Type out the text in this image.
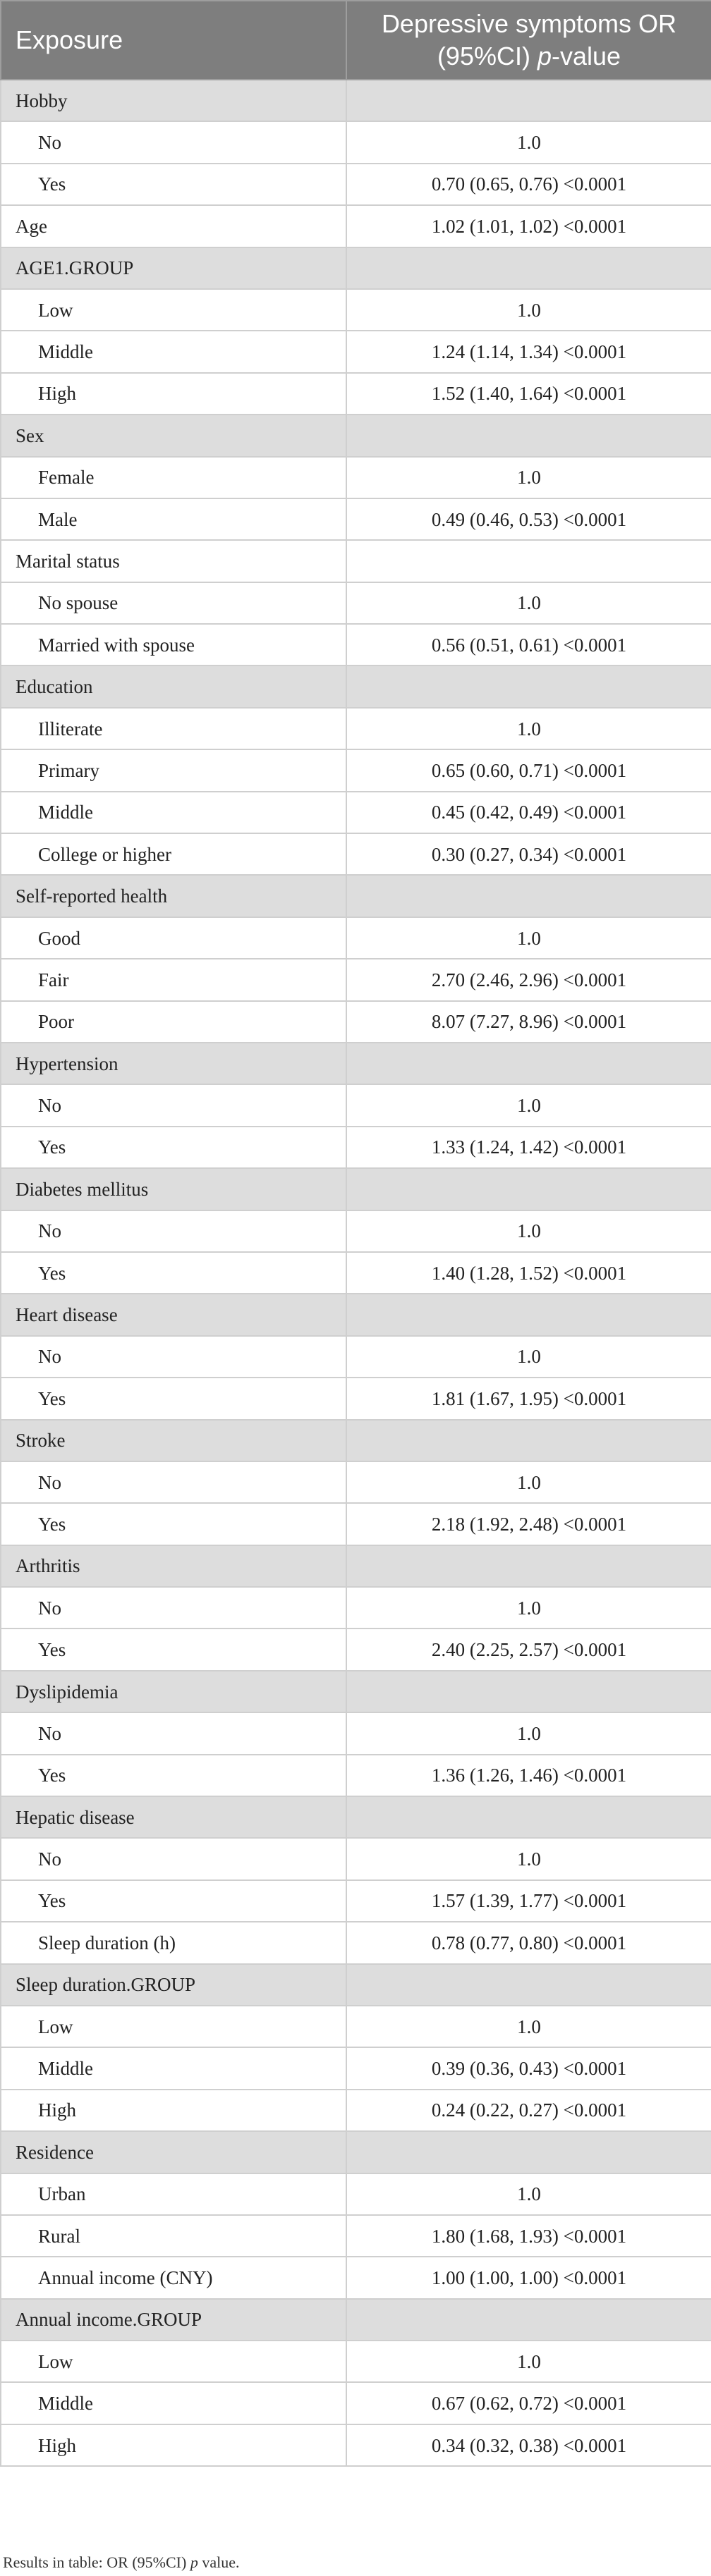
Exposure	Depressive symptoms OR (95%CI) p-value
Hobby	
No	1.0
Yes	0.70 (0.65, 0.76) <0.0001
Age	1.02 (1.01, 1.02) <0.0001
AGE1.GROUP	
Low	1.0
Middle	1.24 (1.14, 1.34) <0.0001
High	1.52 (1.40, 1.64) <0.0001
Sex	
Female	1.0
Male	0.49 (0.46, 0.53) <0.0001
Marital status	
No spouse	1.0
Married with spouse	0.56 (0.51, 0.61) <0.0001
Education	
Illiterate	1.0
Primary	0.65 (0.60, 0.71) <0.0001
Middle	0.45 (0.42, 0.49) <0.0001
College or higher	0.30 (0.27, 0.34) <0.0001
Self-reported health	
Good	1.0
Fair	2.70 (2.46, 2.96) <0.0001
Poor	8.07 (7.27, 8.96) <0.0001
Hypertension	
No	1.0
Yes	1.33 (1.24, 1.42) <0.0001
Diabetes mellitus	
No	1.0
Yes	1.40 (1.28, 1.52) <0.0001
Heart disease	
No	1.0
Yes	1.81 (1.67, 1.95) <0.0001
Stroke	
No	1.0
Yes	2.18 (1.92, 2.48) <0.0001
Arthritis	
No	1.0
Yes	2.40 (2.25, 2.57) <0.0001
Dyslipidemia	
No	1.0
Yes	1.36 (1.26, 1.46) <0.0001
Hepatic disease	
No	1.0
Yes	1.57 (1.39, 1.77) <0.0001
Sleep duration (h)	0.78 (0.77, 0.80) <0.0001
Sleep duration.GROUP	
Low	1.0
Middle	0.39 (0.36, 0.43) <0.0001
High	0.24 (0.22, 0.27) <0.0001
Residence	
Urban	1.0
Rural	1.80 (1.68, 1.93) <0.0001
Annual income (CNY)	1.00 (1.00, 1.00) <0.0001
Annual income.GROUP	
Low	1.0
Middle	0.67 (0.62, 0.72) <0.0001
High	0.34 (0.32, 0.38) <0.0001
Results in table: OR (95%CI) p value.
